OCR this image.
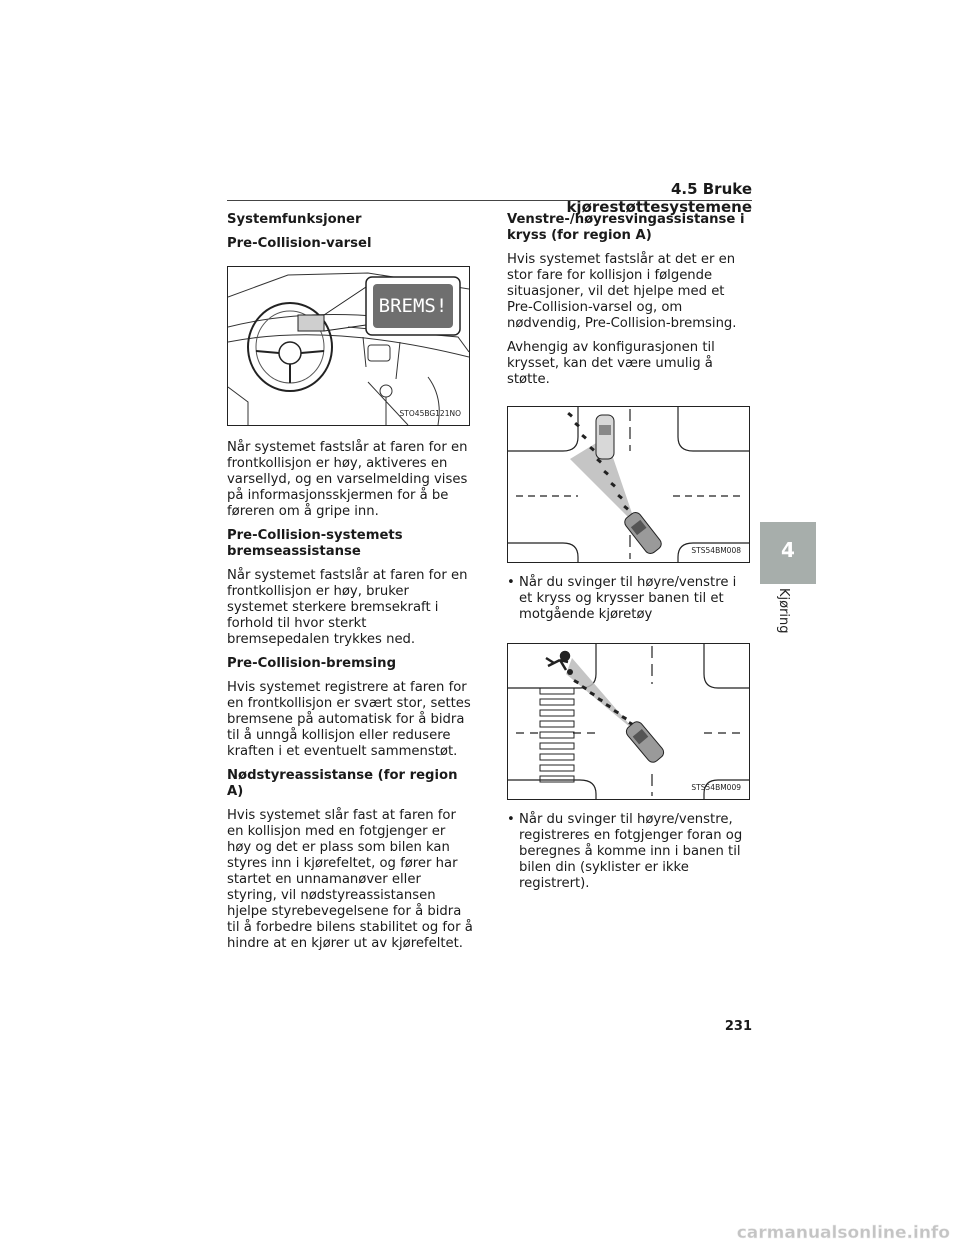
4.5 Bruke kjørestøttesystemene
Systemfunksjoner
Pre-Collision-varsel
BREMS!
STO45BG121NO

Når systemet fastslår at faren for en frontkollisjon er høy, aktiveres en varsellyd, og en varselmelding vises på informasjonsskjermen for å be føreren om å gripe inn.

Pre-Collision-systemets bremseassistanse

Når systemet fastslår at faren for en frontkollisjon er høy, bruker systemet sterkere bremsekraft i forhold til hvor sterkt bremsepedalen trykkes ned.

Pre-Collision-bremsing

Hvis systemet registrere at faren for en frontkollisjon er svært stor, settes bremsene på automatisk for å bidra til å unngå kollisjon eller redusere kraften i et eventuelt sammenstøt.

Nødstyreassistanse (for region A)

Hvis systemet slår fast at faren for en kollisjon med en fotgjenger er høy og det er plass som bilen kan styres inn i kjørefeltet, og fører har startet en unnamanøver eller styring, vil nødstyreassistansen hjelpe styrebevegelsene for å bidra til å forbedre bilens stabilitet og for å hindre at en kjører ut av kjørefeltet.

Venstre-/høyresvingassistanse i kryss (for region A)

Hvis systemet fastslår at det er en stor fare for kollisjon i følgende situasjoner, vil det hjelpe med et Pre-Collision-varsel og, om nødvendig, Pre-Collision-bremsing.

Avhengig av konfigurasjonen til krysset, kan det være umulig å støtte.

STS54BM008
• Når du svinger til høyre/venstre i et kryss og krysser banen til et motgående kjøretøy
STS54BM009
• Når du svinger til høyre/venstre, registreres en fotgjenger foran og beregnes å komme inn i banen til bilen din (syklister er ikke registrert).
4
Kjøring
231
carmanualsonline.info
